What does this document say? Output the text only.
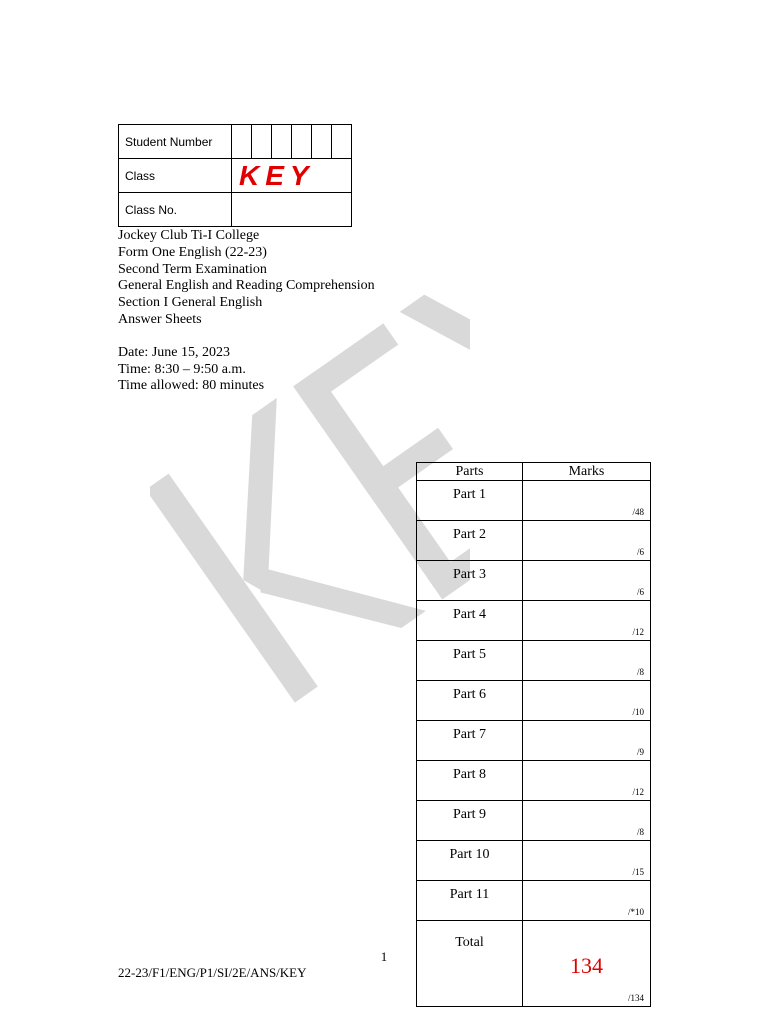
Student Number						
Class	KEY					
Class No.						
Jockey Club Ti-I College
Form One English (22-23)
Second Term Examination
General English and Reading Comprehension
Section I General English
Answer Sheets
Date: June 15, 2023
Time: 8:30 – 9:50 a.m.
Time allowed: 80 minutes
Parts	Marks
Part 1	/48

Part 2	/6

Part 3	/6

Part 4	/12

Part 5	/8

Part 6	/10

Part 7	/9

Part 8	/12

Part 9	/8

Part 10	/15

Part 11	/*10

Total	134
/134
1
22-23/F1/ENG/P1/SI/2E/ANS/KEY
